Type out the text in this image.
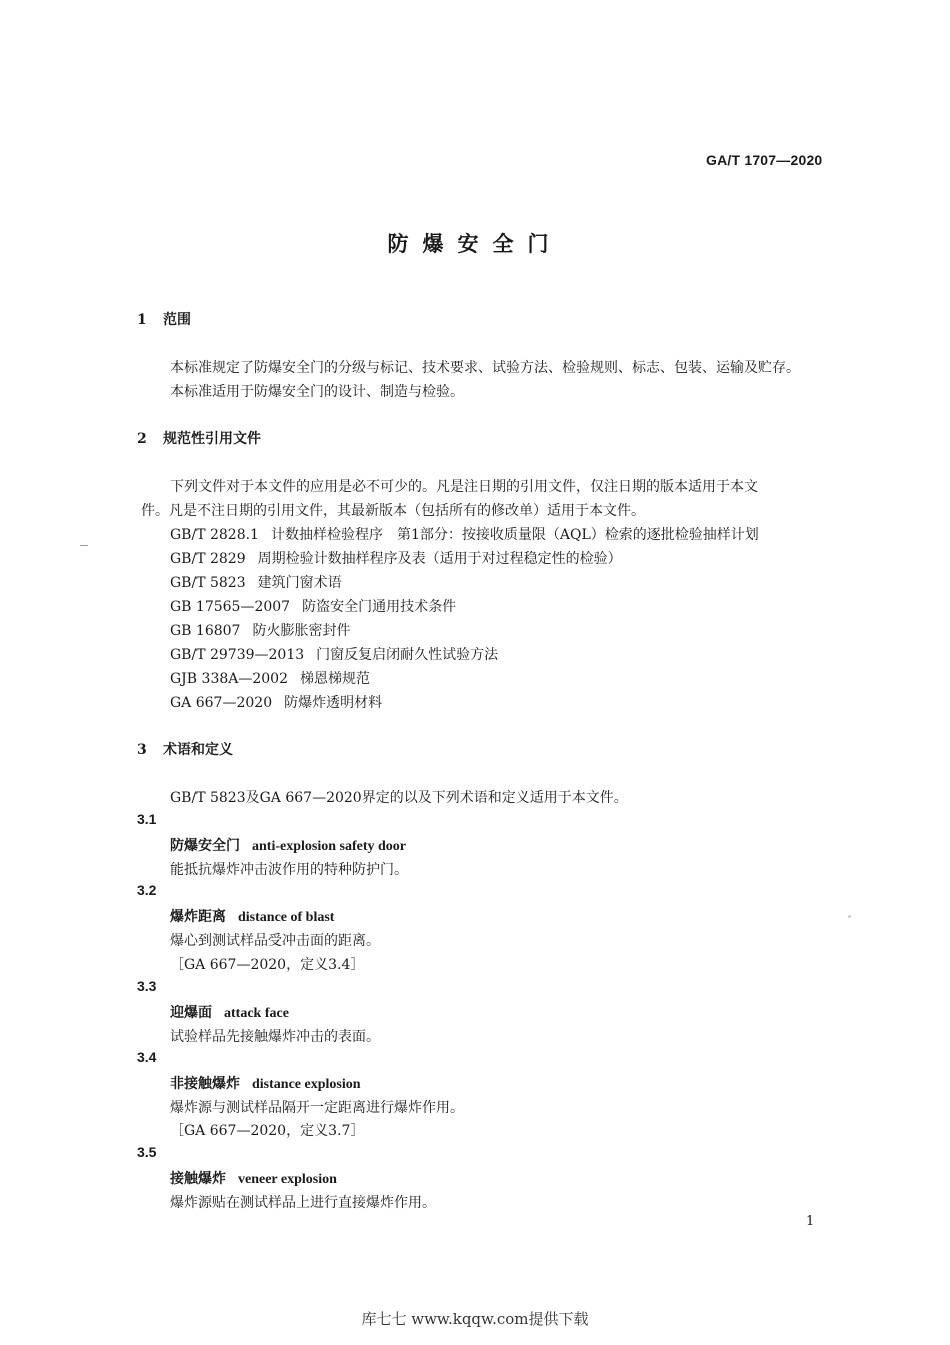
GA/T 1707—2020
防爆安全门
1 范围
本标准规定了防爆安全门的分级与标记、技术要求、试验方法、检验规则、标志、包装、运输及贮存。
本标准适用于防爆安全门的设计、制造与检验。
2 规范性引用文件
下列文件对于本文件的应用是必不可少的。凡是注日期的引用文件，仅注日期的版本适用于本文
件。凡是不注日期的引用文件，其最新版本（包括所有的修改单）适用于本文件。
GB/T 2828.1 计数抽样检验程序　第1部分：按接收质量限（AQL）检索的逐批检验抽样计划
GB/T 2829 周期检验计数抽样程序及表（适用于对过程稳定性的检验）
GB/T 5823 建筑门窗术语
GB 17565—2007 防盗安全门通用技术条件
GB 16807 防火膨胀密封件
GB/T 29739—2013 门窗反复启闭耐久性试验方法
GJB 338A—2002 梯恩梯规范
GA 667—2020 防爆炸透明材料
3 术语和定义
GB/T 5823及GA 667—2020界定的以及下列术语和定义适用于本文件。
3.1
防爆安全门 anti-explosion safety door
能抵抗爆炸冲击波作用的特种防护门。
3.2
爆炸距离 distance of blast
爆心到测试样品受冲击面的距离。
［GA 667—2020，定义3.4］
3.3
迎爆面 attack face
试验样品先接触爆炸冲击的表面。
3.4
非接触爆炸 distance explosion
爆炸源与测试样品隔开一定距离进行爆炸作用。
［GA 667—2020，定义3.7］
3.5
接触爆炸 veneer explosion
爆炸源贴在测试样品上进行直接爆炸作用。
1
库七七 www.kqqw.com提供下载
